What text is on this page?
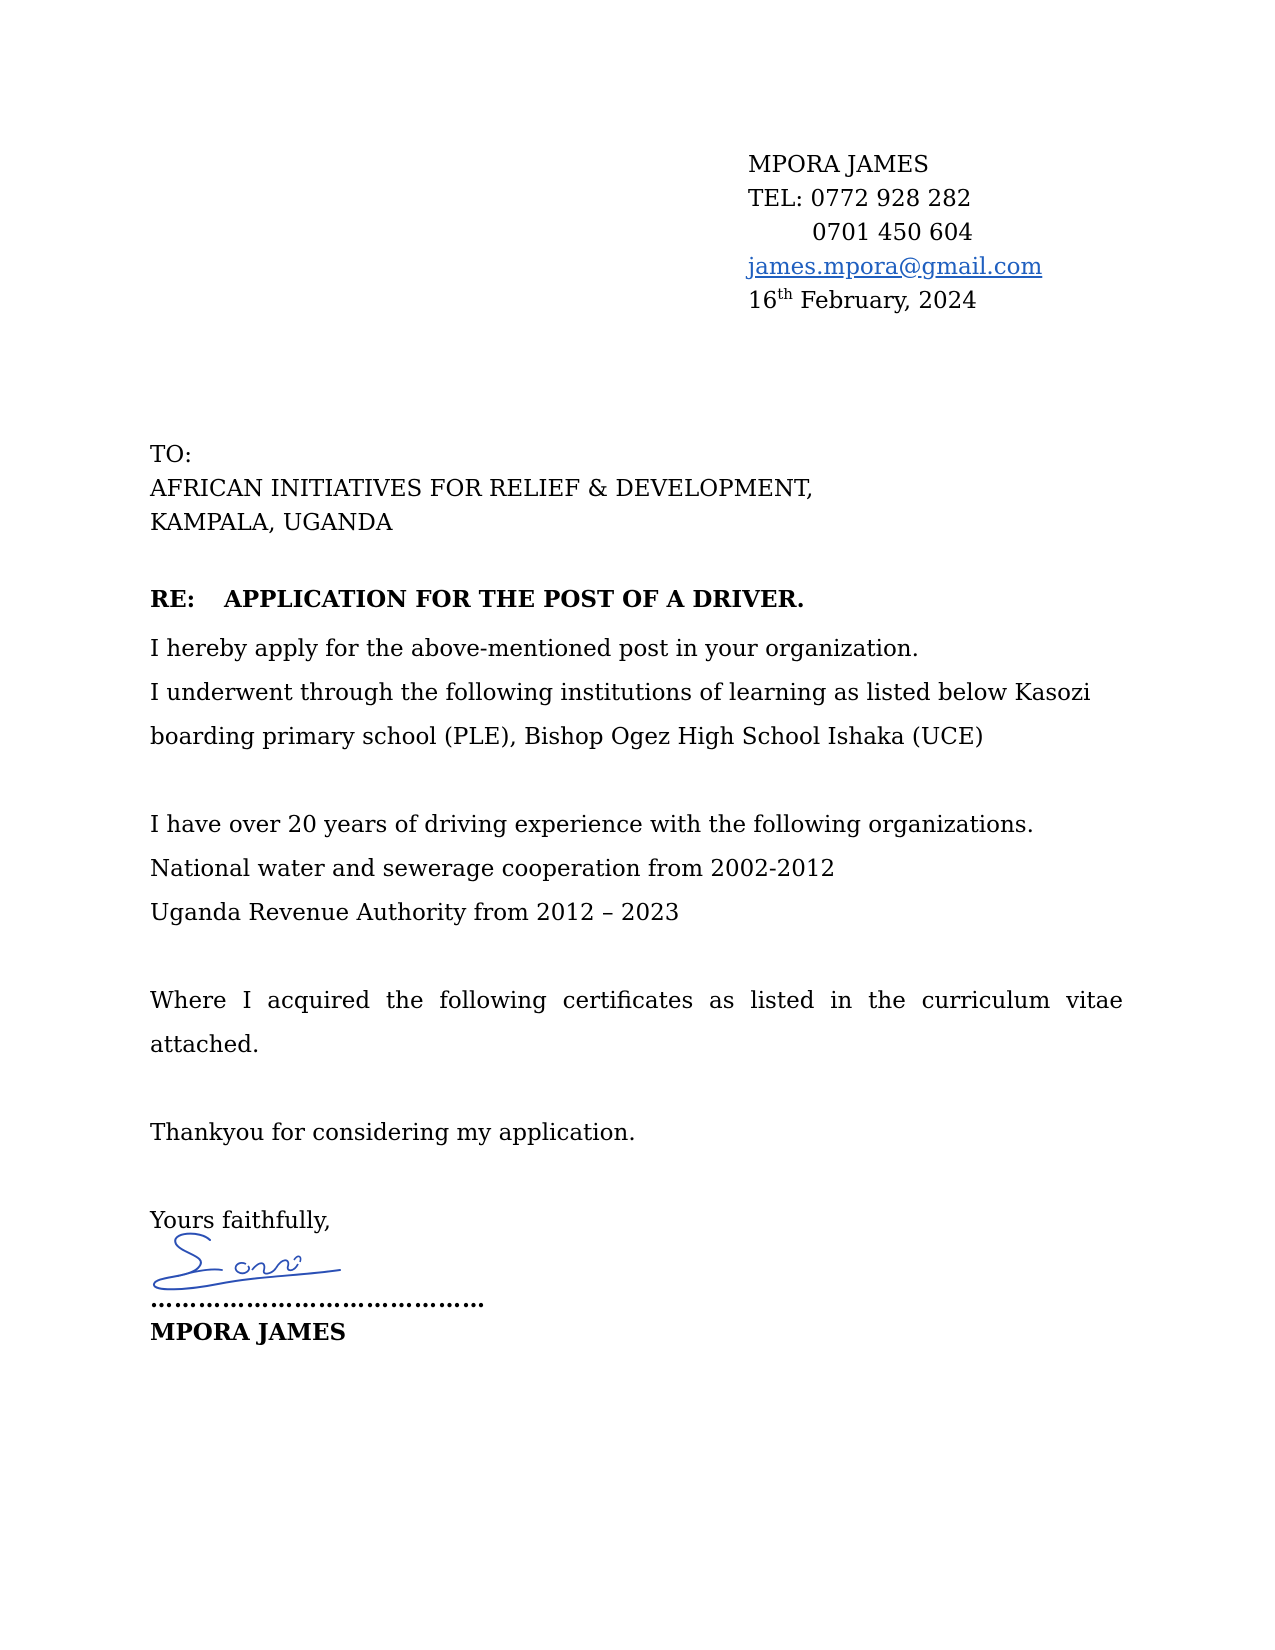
MPORA JAMES
TEL: 0772 928 282
0701 450 604
james.mpora@gmail.com
16th February, 2024
TO:
AFRICAN INITIATIVES FOR RELIEF & DEVELOPMENT,
KAMPALA, UGANDA
RE: APPLICATION FOR THE POST OF A DRIVER.

I hereby apply for the above-mentioned post in your organization.

I underwent through the following institutions of learning as listed below Kasozi boarding primary school (PLE), Bishop Ogez High School Ishaka (UCE)

I have over 20 years of driving experience with the following organizations.

National water and sewerage cooperation from 2002-2012

Uganda Revenue Authority from 2012 – 2023

Where I acquired the following certificates as listed in the curriculum vitae attached.

Thankyou for considering my application.

Yours faithfully,

……………………………………
MPORA JAMES
